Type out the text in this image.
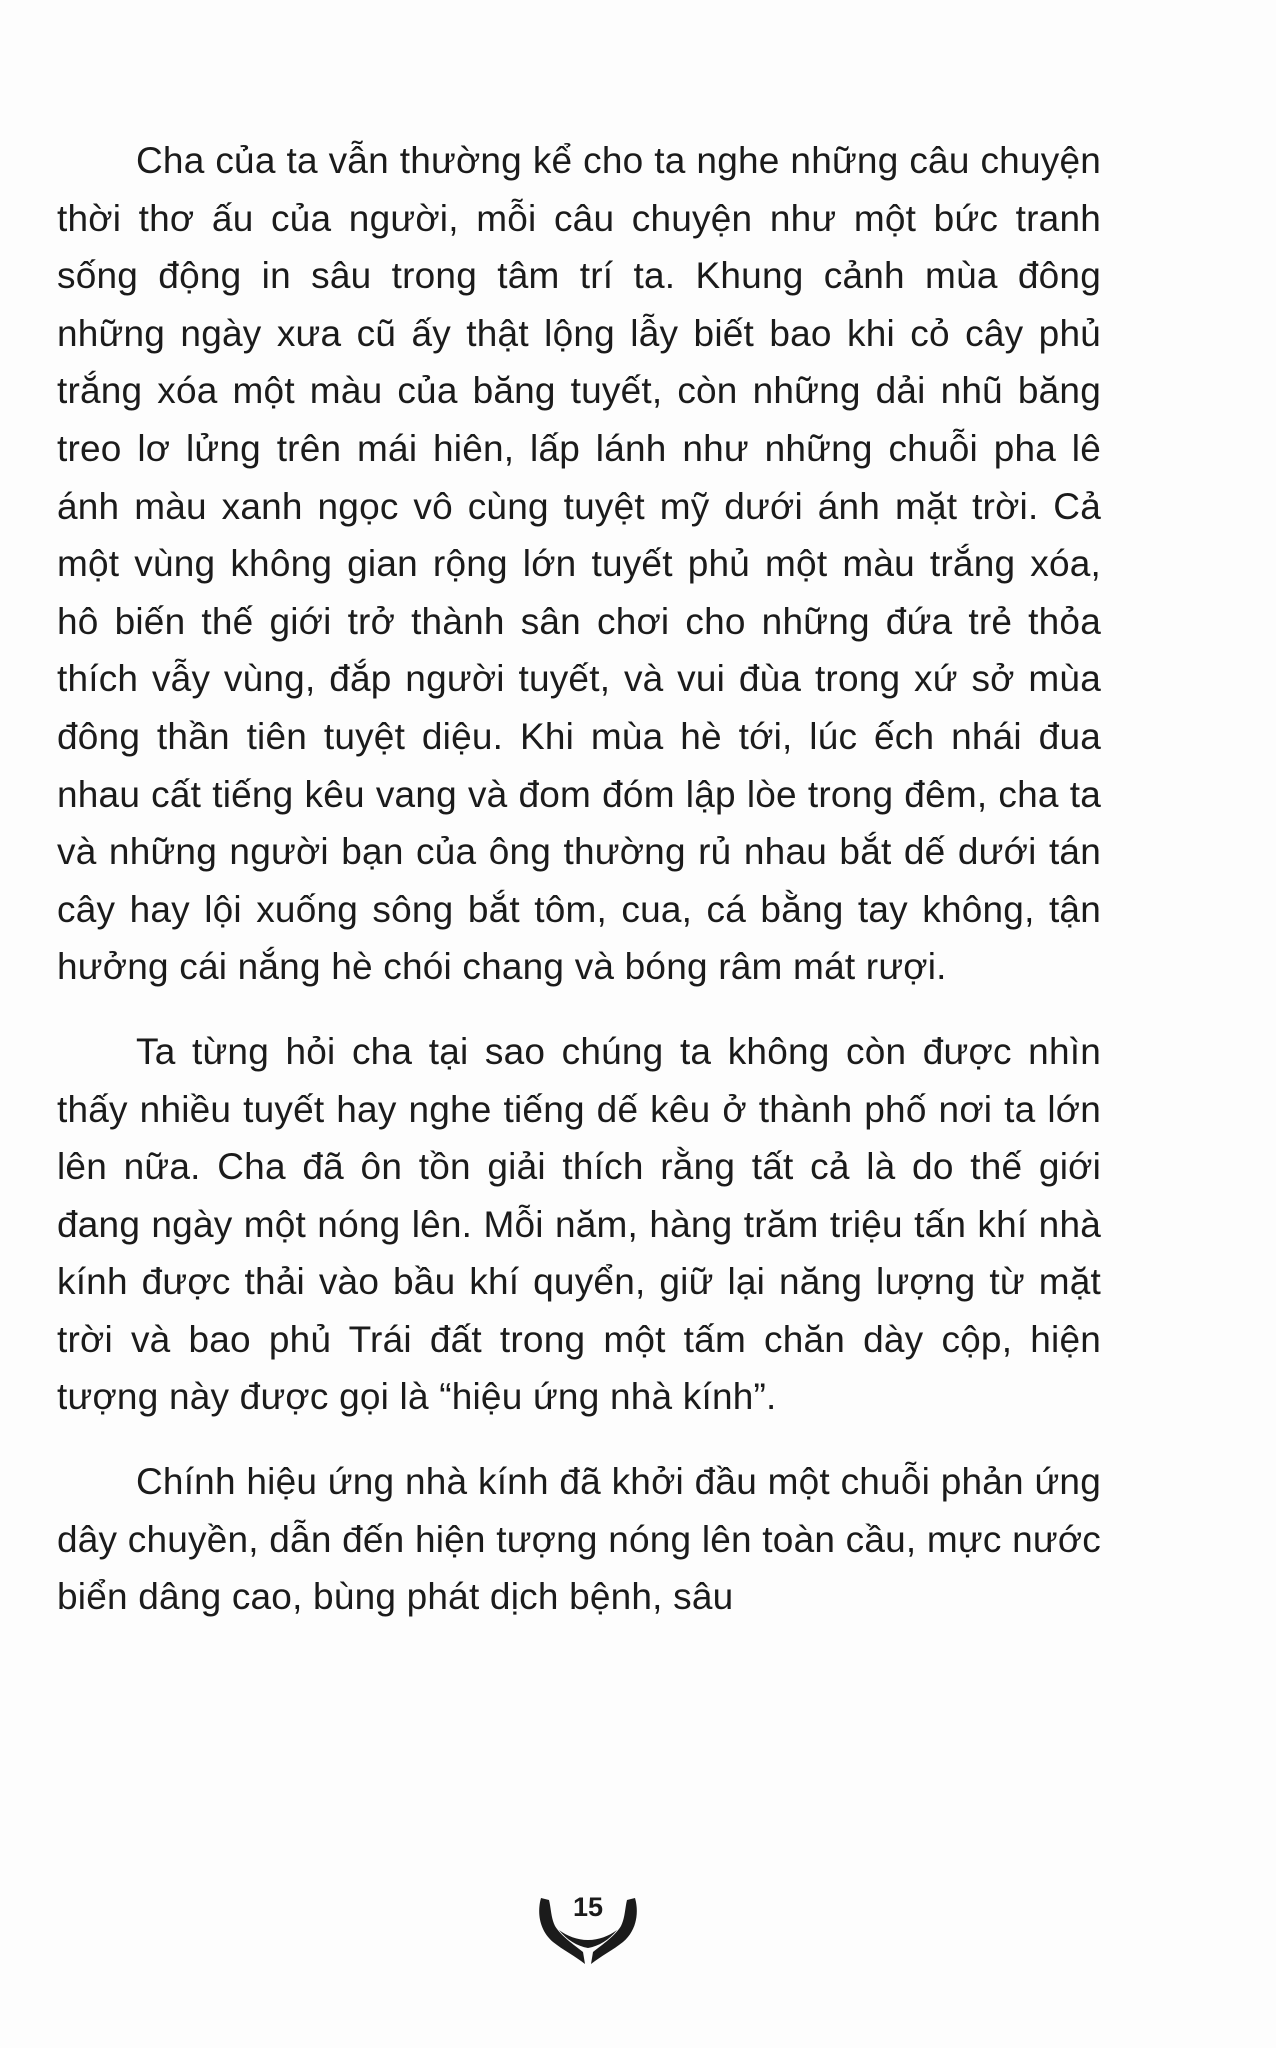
Cha của ta vẫn thường kể cho ta nghe những câu chuyện thời thơ ấu của người, mỗi câu chuyện như một bức tranh sống động in sâu trong tâm trí ta. Khung cảnh mùa đông những ngày xưa cũ ấy thật lộng lẫy biết bao khi cỏ cây phủ trắng xóa một màu của băng tuyết, còn những dải nhũ băng treo lơ lửng trên mái hiên, lấp lánh như những chuỗi pha lê ánh màu xanh ngọc vô cùng tuyệt mỹ dưới ánh mặt trời. Cả một vùng không gian rộng lớn tuyết phủ một màu trắng xóa, hô biến thế giới trở thành sân chơi cho những đứa trẻ thỏa thích vẫy vùng, đắp người tuyết, và vui đùa trong xứ sở mùa đông thần tiên tuyệt diệu. Khi mùa hè tới, lúc ếch nhái đua nhau cất tiếng kêu vang và đom đóm lập lòe trong đêm, cha ta và những người bạn của ông thường rủ nhau bắt dế dưới tán cây hay lội xuống sông bắt tôm, cua, cá bằng tay không, tận hưởng cái nắng hè chói chang và bóng râm mát rượi.

Ta từng hỏi cha tại sao chúng ta không còn được nhìn thấy nhiều tuyết hay nghe tiếng dế kêu ở thành phố nơi ta lớn lên nữa. Cha đã ôn tồn giải thích rằng tất cả là do thế giới đang ngày một nóng lên. Mỗi năm, hàng trăm triệu tấn khí nhà kính được thải vào bầu khí quyển, giữ lại năng lượng từ mặt trời và bao phủ Trái đất trong một tấm chăn dày cộp, hiện tượng này được gọi là “hiệu ứng nhà kính”.

Chính hiệu ứng nhà kính đã khởi đầu một chuỗi phản ứng dây chuyền, dẫn đến hiện tượng nóng lên toàn cầu, mực nước biển dâng cao, bùng phát dịch bệnh, sâu

15
